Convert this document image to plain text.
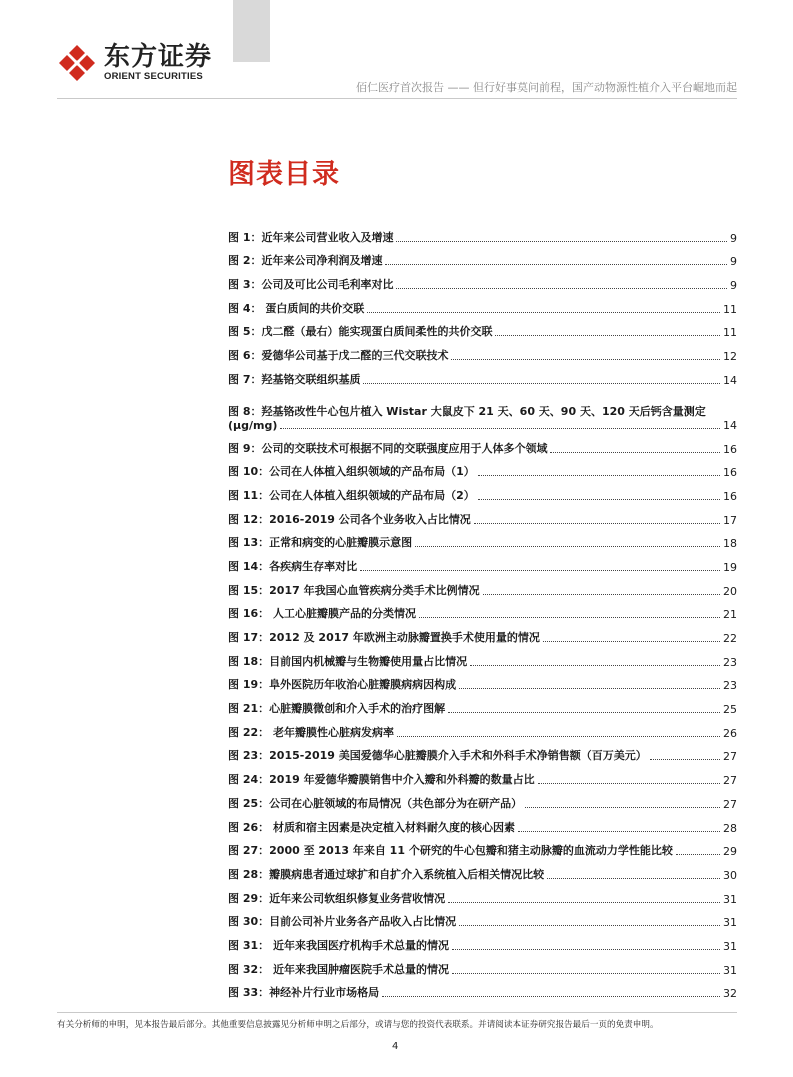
东方证券
ORIENT SECURITIES
佰仁医疗首次报告 —— 但行好事莫问前程，国产动物源性植介入平台崛地而起
图表目录
图 1：近年来公司营业收入及增速	9
图 2：近年来公司净利润及增速	9
图 3：公司及可比公司毛利率对比	9
图 4： 蛋白质间的共价交联	11
图 5：戊二醛（最右）能实现蛋白质间柔性的共价交联	11
图 6：爱德华公司基于戊二醛的三代交联技术	12
图 7：羟基铬交联组织基质	14
图 8：羟基铬改性牛心包片植入 Wistar 大鼠皮下 21 天、60 天、90 天、120 天后钙含量测定
(μg/mg)	14
图 9：公司的交联技术可根据不同的交联强度应用于人体多个领域	16
图 10：公司在人体植入组织领域的产品布局（1）	16
图 11：公司在人体植入组织领域的产品布局（2）	16
图 12：2016-2019 公司各个业务收入占比情况	17
图 13：正常和病变的心脏瓣膜示意图	18
图 14：各疾病生存率对比	19
图 15：2017 年我国心血管疾病分类手术比例情况	20
图 16： 人工心脏瓣膜产品的分类情况	21
图 17：2012 及 2017 年欧洲主动脉瓣置换手术使用量的情况	22
图 18：目前国内机械瓣与生物瓣使用量占比情况	23
图 19：阜外医院历年收治心脏瓣膜病病因构成	23
图 21：心脏瓣膜微创和介入手术的治疗图解	25
图 22： 老年瓣膜性心脏病发病率	26
图 23：2015-2019 美国爱德华心脏瓣膜介入手术和外科手术净销售额（百万美元）	27
图 24：2019 年爱德华瓣膜销售中介入瓣和外科瓣的数量占比	27
图 25：公司在心脏领域的布局情况（共色部分为在研产品）	27
图 26： 材质和宿主因素是决定植入材料耐久度的核心因素	28
图 27：2000 至 2013 年来自 11 个研究的牛心包瓣和猪主动脉瓣的血流动力学性能比较	29
图 28：瓣膜病患者通过球扩和自扩介入系统植入后相关情况比较	30
图 29：近年来公司软组织修复业务营收情况	31
图 30：目前公司补片业务各产品收入占比情况	31
图 31： 近年来我国医疗机构手术总量的情况	31
图 32： 近年来我国肿瘤医院手术总量的情况	31
图 33：神经补片行业市场格局	32
有关分析师的申明，见本报告最后部分。其他重要信息披露见分析师申明之后部分，或请与您的投资代表联系。并请阅读本证券研究报告最后一页的免责申明。
4
